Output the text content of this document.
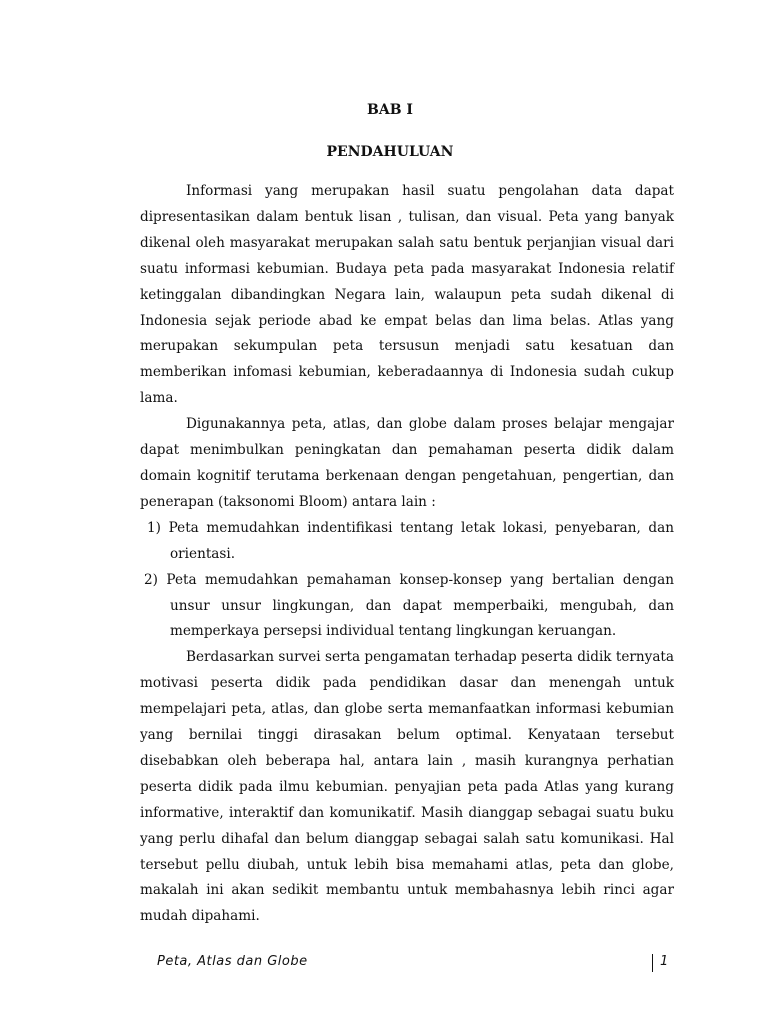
BAB I
PENDAHULUAN

Informasi yang merupakan hasil suatu pengolahan data dapat dipresentasikan dalam bentuk lisan , tulisan, dan visual. Peta yang banyak dikenal oleh masyarakat merupakan salah satu bentuk perjanjian visual dari suatu informasi kebumian. Budaya peta pada masyarakat Indonesia relatif ketinggalan dibandingkan Negara lain, walaupun peta sudah dikenal di Indonesia sejak periode abad ke empat belas dan lima belas. Atlas yang merupakan sekumpulan peta tersusun menjadi satu kesatuan dan memberikan infomasi kebumian, keberadaannya di Indonesia sudah cukup lama.

Digunakannya peta, atlas, dan globe dalam proses belajar mengajar dapat menimbulkan peningkatan dan pemahaman peserta didik dalam domain kognitif terutama berkenaan dengan pengetahuan, pengertian, dan penerapan (taksonomi Bloom) antara lain :

1) Peta memudahkan indentifikasi tentang letak lokasi, penyebaran, dan orientasi.

2) Peta memudahkan pemahaman konsep-konsep yang bertalian dengan unsur unsur lingkungan, dan dapat memperbaiki, mengubah, dan memperkaya persepsi individual tentang lingkungan keruangan.

Berdasarkan survei serta pengamatan terhadap peserta didik ternyata motivasi peserta didik pada pendidikan dasar dan menengah untuk mempelajari peta, atlas, dan globe serta memanfaatkan informasi kebumian yang bernilai tinggi dirasakan belum optimal. Kenyataan tersebut disebabkan oleh beberapa hal, antara lain , masih kurangnya perhatian peserta didik pada ilmu kebumian. penyajian peta pada Atlas yang kurang informative, interaktif dan komunikatif. Masih dianggap sebagai suatu buku yang perlu dihafal dan belum dianggap sebagai salah satu komunikasi. Hal tersebut pellu diubah, untuk lebih bisa memahami atlas, peta dan globe, makalah ini akan sedikit membantu untuk membahasnya lebih rinci agar mudah dipahami.

Peta, Atlas dan Globe	1
